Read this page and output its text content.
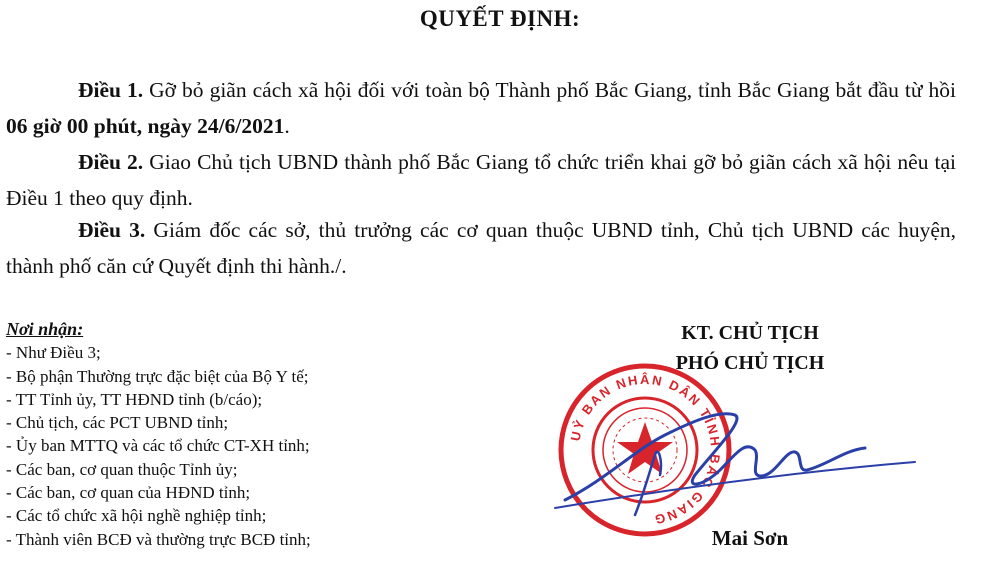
QUYẾT ĐỊNH:
Điều 1. Gỡ bỏ giãn cách xã hội đối với toàn bộ Thành phố Bắc Giang, tỉnh Bắc Giang bắt đầu từ hồi 06 giờ 00 phút, ngày 24/6/2021.
Điều 2. Giao Chủ tịch UBND thành phố Bắc Giang tổ chức triển khai gỡ bỏ giãn cách xã hội nêu tại Điều 1 theo quy định.
Điều 3. Giám đốc các sở, thủ trưởng các cơ quan thuộc UBND tỉnh, Chủ tịch UBND các huyện, thành phố căn cứ Quyết định thi hành./.
Nơi nhận:
- Như Điều 3;
- Bộ phận Thường trực đặc biệt của Bộ Y tế;
- TT Tỉnh ủy, TT HĐND tỉnh (b/cáo);
- Chủ tịch, các PCT UBND tỉnh;
- Ủy ban MTTQ và các tổ chức CT-XH tỉnh;
- Các ban, cơ quan thuộc Tỉnh ủy;
- Các ban, cơ quan của HĐND tỉnh;
- Các tổ chức xã hội nghề nghiệp tỉnh;
- Thành viên BCĐ và thường trực BCĐ tỉnh;
KT. CHỦ TỊCH
PHÓ CHỦ TỊCH
UỶ BAN NHÂN DÂN TỈNH BẮC GIANG
Mai Sơn
